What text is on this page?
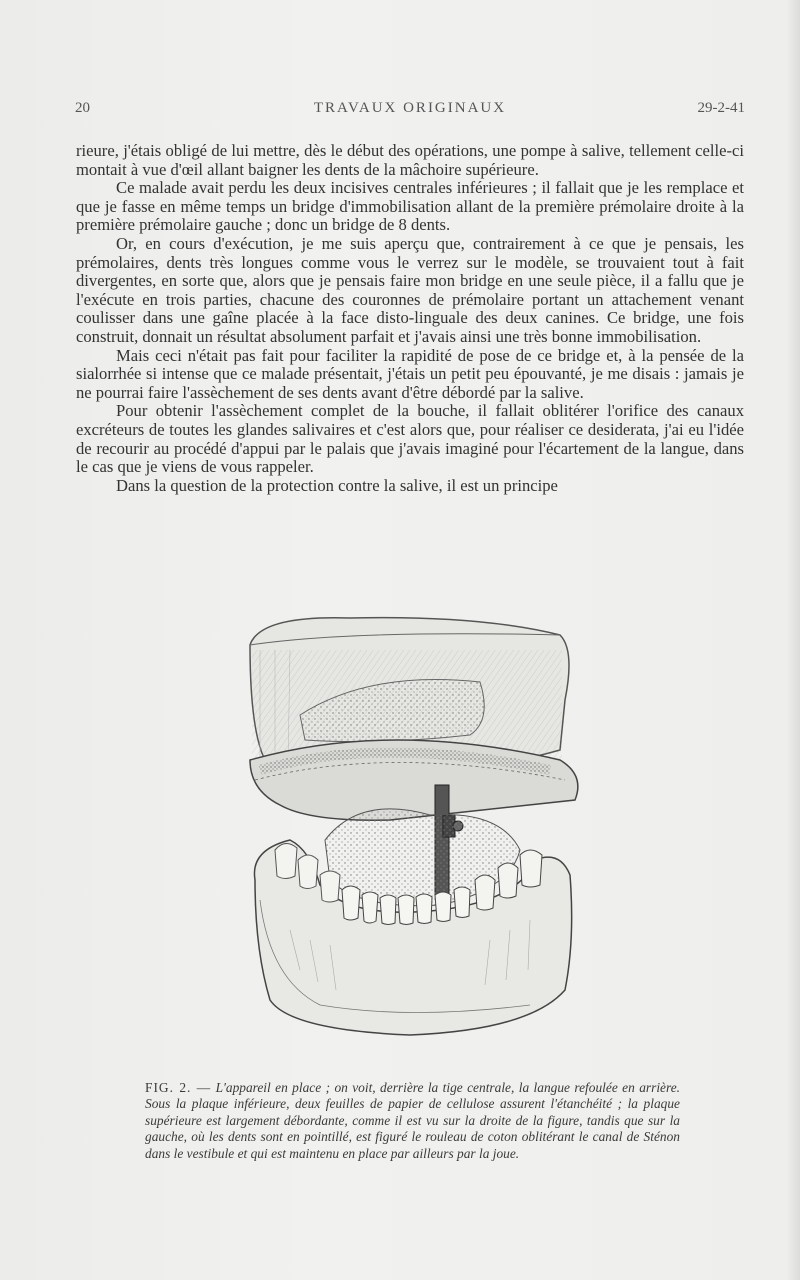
20	TRAVAUX ORIGINAUX	29-2-41

rieure, j'étais obligé de lui mettre, dès le début des opérations, une pompe à salive, tellement celle-ci montait à vue d'œil allant baigner les dents de la mâchoire supérieure.

Ce malade avait perdu les deux incisives centrales inférieures ; il fallait que je les remplace et que je fasse en même temps un bridge d'immobilisation allant de la première prémolaire droite à la première prémolaire gauche ; donc un bridge de 8 dents.

Or, en cours d'exécution, je me suis aperçu que, contrairement à ce que je pensais, les prémolaires, dents très longues comme vous le verrez sur le modèle, se trouvaient tout à fait divergentes, en sorte que, alors que je pensais faire mon bridge en une seule pièce, il a fallu que je l'exécute en trois parties, chacune des couronnes de prémolaire portant un attachement venant coulisser dans une gaîne placée à la face disto-linguale des deux canines. Ce bridge, une fois construit, donnait un résultat absolument parfait et j'avais ainsi une très bonne immobilisation.

Mais ceci n'était pas fait pour faciliter la rapidité de pose de ce bridge et, à la pensée de la sialorrhée si intense que ce malade présentait, j'étais un petit peu épouvanté, je me disais : jamais je ne pourrai faire l'assèchement de ses dents avant d'être débordé par la salive.

Pour obtenir l'assèchement complet de la bouche, il fallait oblitérer l'orifice des canaux excréteurs de toutes les glandes salivaires et c'est alors que, pour réaliser ce desiderata, j'ai eu l'idée de recourir au procédé d'appui par le palais que j'avais imaginé pour l'écartement de la langue, dans le cas que je viens de vous rappeler.

Dans la question de la protection contre la salive, il est un principe

FIG. 2. — L'appareil en place ; on voit, derrière la tige centrale, la langue refoulée en arrière. Sous la plaque inférieure, deux feuilles de papier de cellulose assurent l'étanchéité ; la plaque supérieure est largement débordante, comme il est vu sur la droite de la figure, tandis que sur la gauche, où les dents sont en pointillé, est figuré le rouleau de coton oblitérant le canal de Sténon dans le vestibule et qui est maintenu en place par ailleurs par la joue.
